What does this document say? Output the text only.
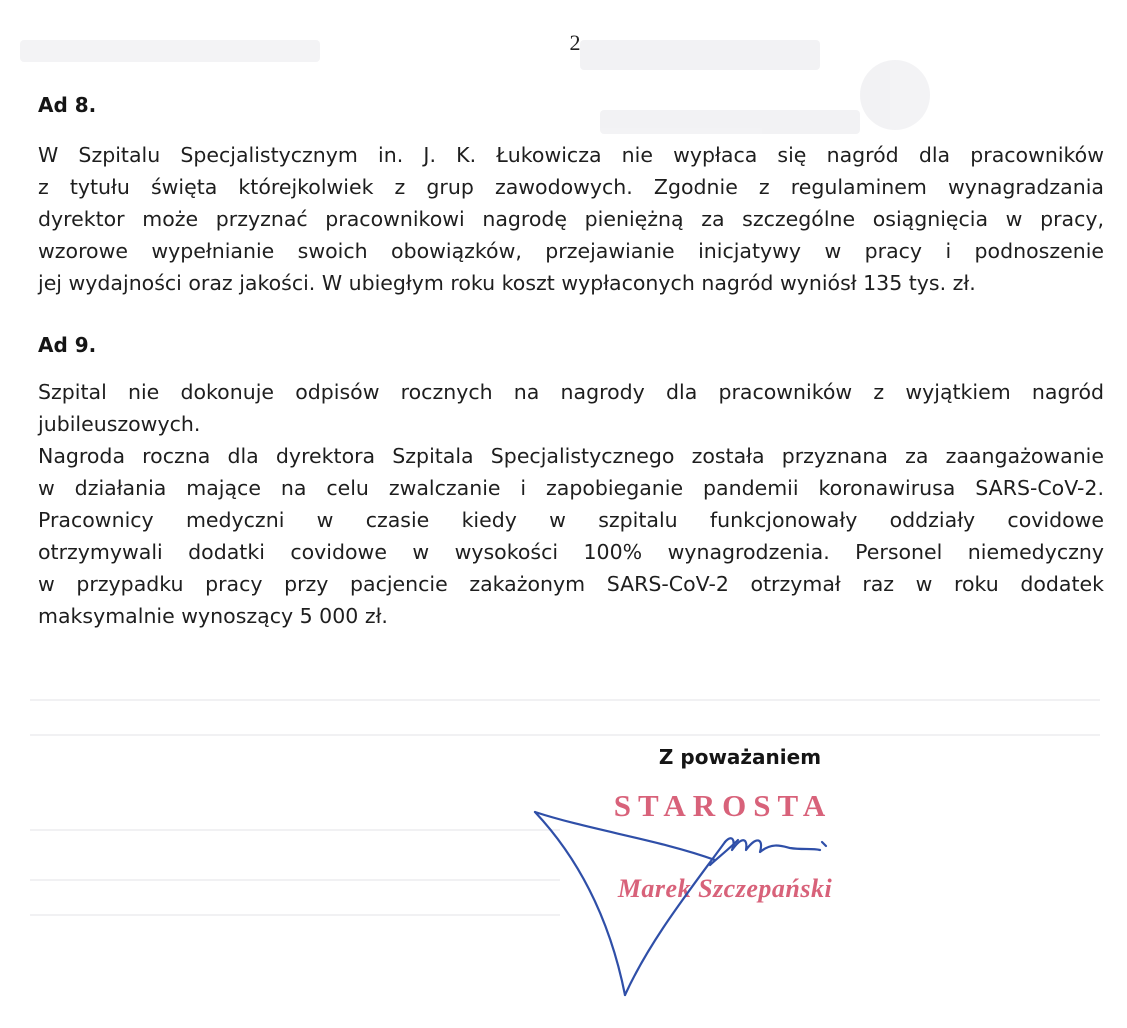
2
Ad 8.
W Szpitalu Specjalistycznym in. J. K. Łukowicza nie wypłaca się nagród dla pracowników
z tytułu święta którejkolwiek z grup zawodowych. Zgodnie z regulaminem wynagradzania
dyrektor może przyznać pracownikowi nagrodę pieniężną za szczególne osiągnięcia w pracy,
wzorowe wypełnianie swoich obowiązków, przejawianie inicjatywy w pracy i podnoszenie
jej wydajności oraz jakości. W ubiegłym roku koszt wypłaconych nagród wyniósł 135 tys. zł.
Ad 9.
Szpital nie dokonuje odpisów rocznych na nagrody dla pracowników z wyjątkiem nagród
jubileuszowych.
Nagroda roczna dla dyrektora Szpitala Specjalistycznego została przyznana za zaangażowanie
w działania mające na celu zwalczanie i zapobieganie pandemii koronawirusa SARS-CoV-2.
Pracownicy medyczni w czasie kiedy w szpitalu funkcjonowały oddziały covidowe
otrzymywali dodatki covidowe w wysokości 100% wynagrodzenia. Personel niemedyczny
w przypadku pracy przy pacjencie zakażonym SARS-CoV-2 otrzymał raz w roku dodatek
maksymalnie wynoszący 5 000 zł.
Z poważaniem
STAROSTA
Marek Szczepański
